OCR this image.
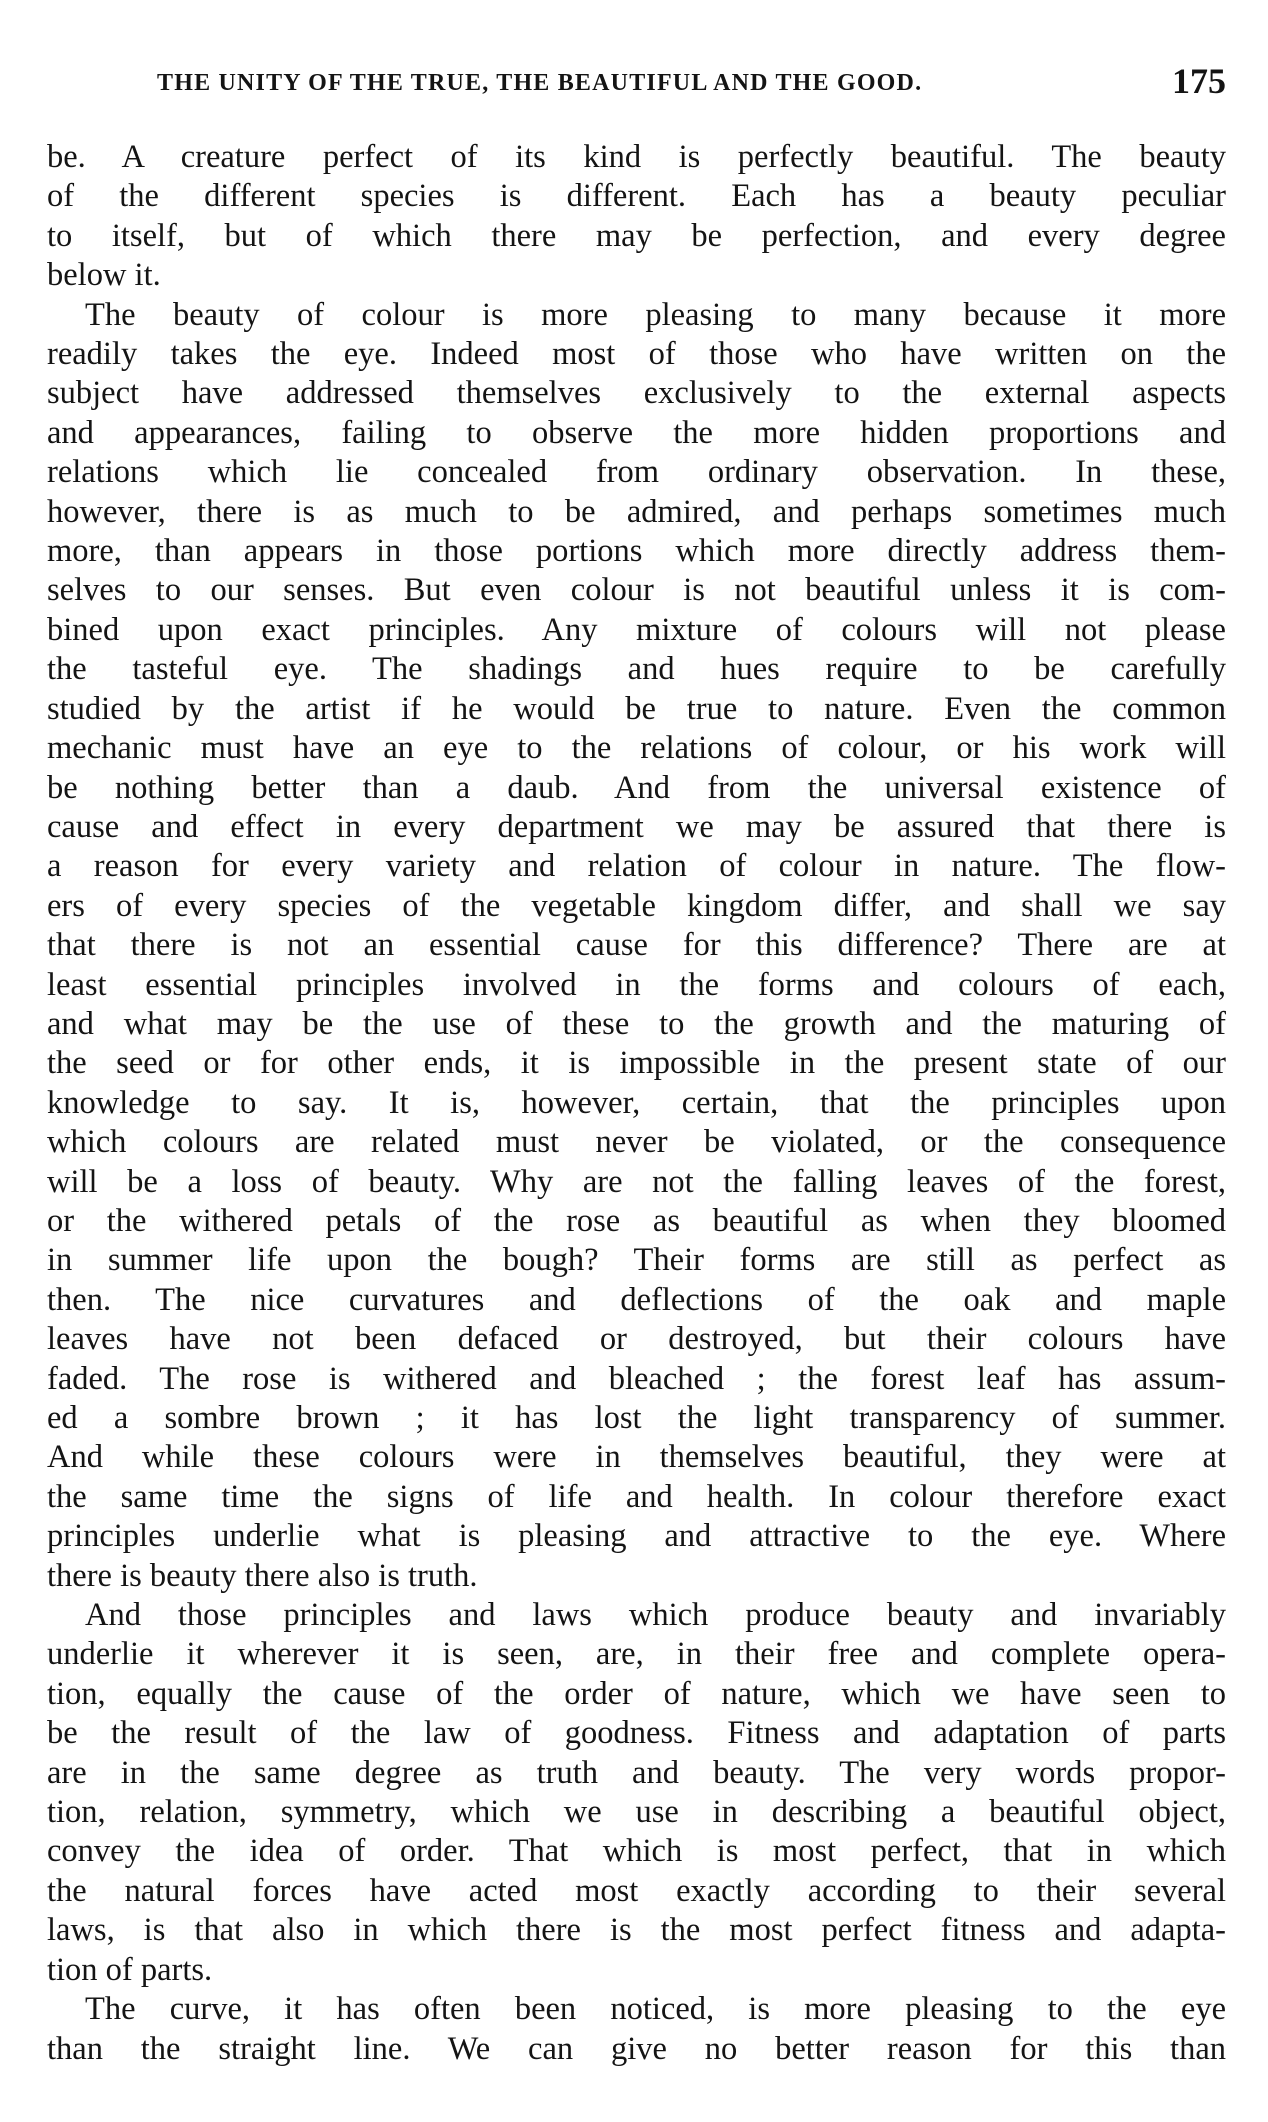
THE UNITY OF THE TRUE, THE BEAUTIFUL AND THE GOOD.	175

be. A creature perfect of its kind is perfectly beautiful. The beauty
of the different species is different. Each has a beauty peculiar
to itself, but of which there may be perfection, and every degree
below it.

The beauty of colour is more pleasing to many because it more
readily takes the eye. Indeed most of those who have written on the
subject have addressed themselves exclusively to the external aspects
and appearances, failing to observe the more hidden proportions and
relations which lie concealed from ordinary observation. In these,
however, there is as much to be admired, and perhaps sometimes much
more, than appears in those portions which more directly address them-
selves to our senses. But even colour is not beautiful unless it is com-
bined upon exact principles. Any mixture of colours will not please
the tasteful eye. The shadings and hues require to be carefully
studied by the artist if he would be true to nature. Even the common
mechanic must have an eye to the relations of colour, or his work will
be nothing better than a daub. And from the universal existence of
cause and effect in every department we may be assured that there is
a reason for every variety and relation of colour in nature. The flow-
ers of every species of the vegetable kingdom differ, and shall we say
that there is not an essential cause for this difference? There are at
least essential principles involved in the forms and colours of each,
and what may be the use of these to the growth and the maturing of
the seed or for other ends, it is impossible in the present state of our
knowledge to say. It is, however, certain, that the principles upon
which colours are related must never be violated, or the consequence
will be a loss of beauty. Why are not the falling leaves of the forest,
or the withered petals of the rose as beautiful as when they bloomed
in summer life upon the bough? Their forms are still as perfect as
then. The nice curvatures and deflections of the oak and maple
leaves have not been defaced or destroyed, but their colours have
faded. The rose is withered and bleached ; the forest leaf has assum-
ed a sombre brown ; it has lost the light transparency of summer.
And while these colours were in themselves beautiful, they were at
the same time the signs of life and health. In colour therefore exact
principles underlie what is pleasing and attractive to the eye. Where
there is beauty there also is truth.

And those principles and laws which produce beauty and invariably
underlie it wherever it is seen, are, in their free and complete opera-
tion, equally the cause of the order of nature, which we have seen to
be the result of the law of goodness. Fitness and adaptation of parts
are in the same degree as truth and beauty. The very words propor-
tion, relation, symmetry, which we use in describing a beautiful object,
convey the idea of order. That which is most perfect, that in which
the natural forces have acted most exactly according to their several
laws, is that also in which there is the most perfect fitness and adapta-
tion of parts.

The curve, it has often been noticed, is more pleasing to the eye
than the straight line. We can give no better reason for this than
